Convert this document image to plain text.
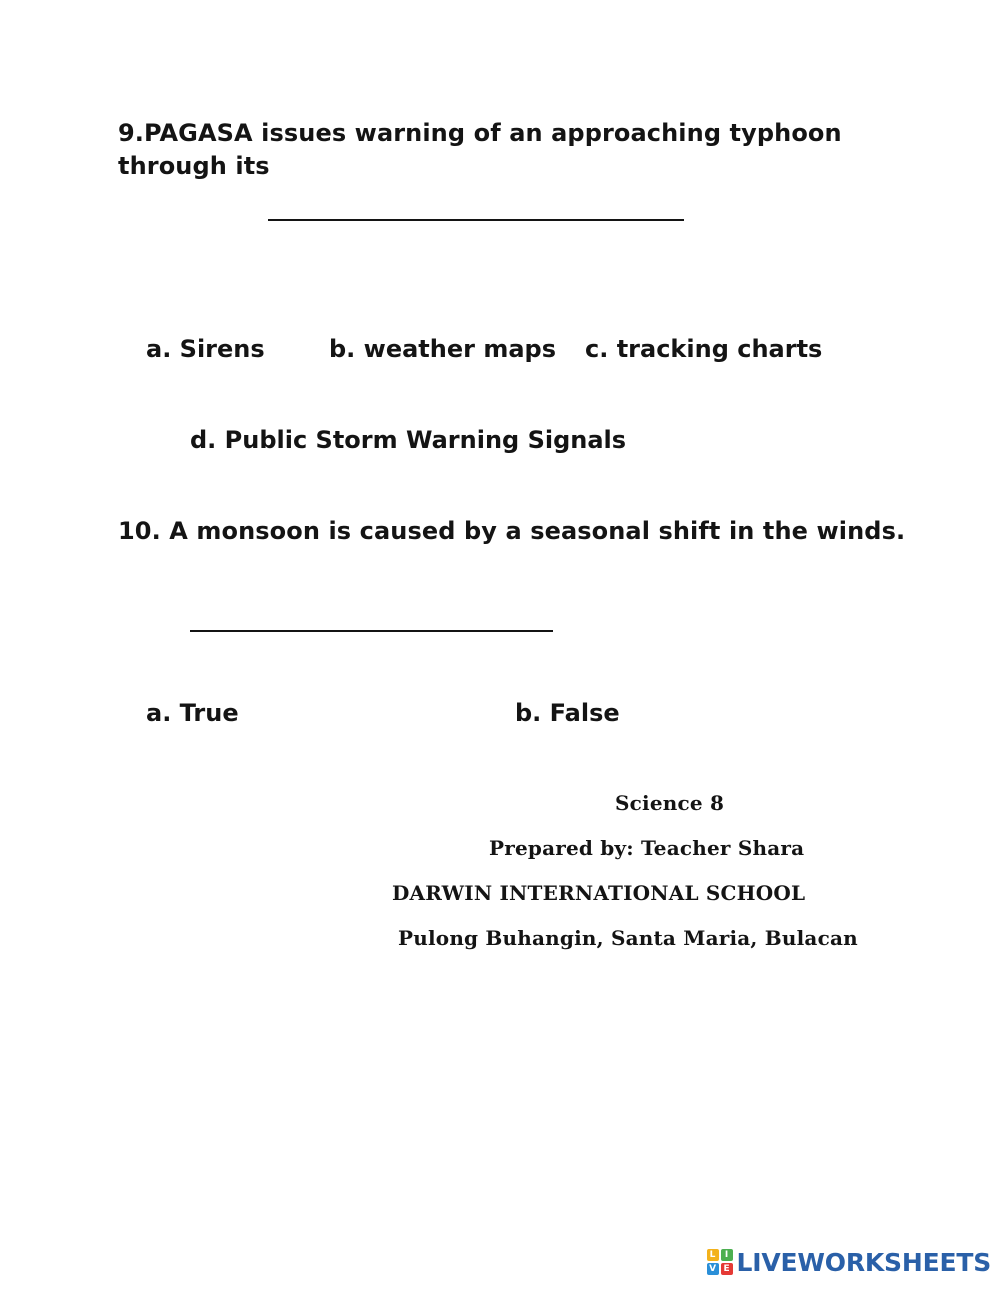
9.PAGASA issues warning of an approaching typhoon
through its
a. Sirens	b. weather maps c. tracking charts
d. Public Storm Warning Signals
10. A monsoon is caused by a seasonal shift in the winds.
a. True	b. False
Science 8
Prepared by: Teacher Shara
DARWIN INTERNATIONAL SCHOOL
Pulong Buhangin, Santa Maria, Bulacan
L	I
V E LIVEWORKSHEETS
